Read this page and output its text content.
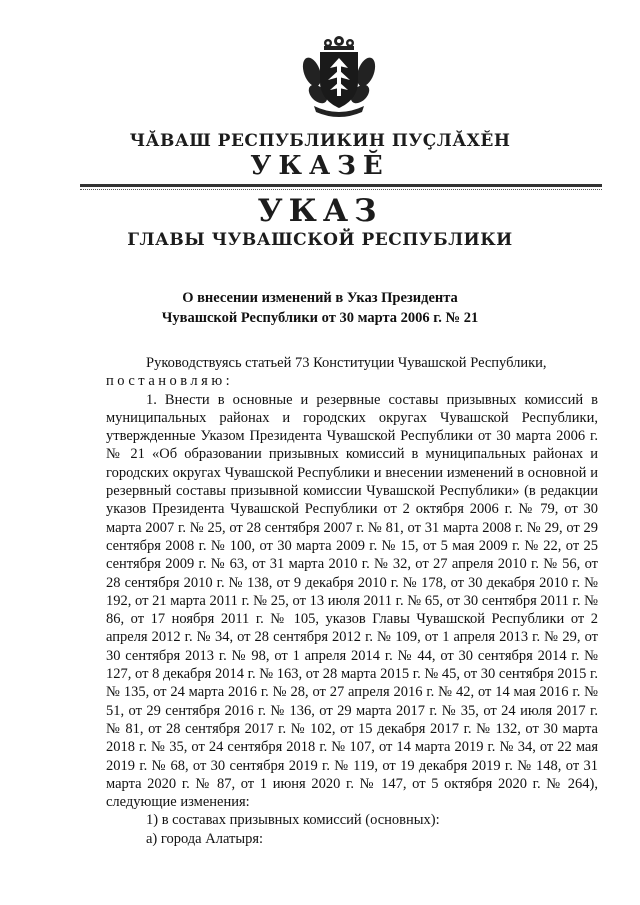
ЧӐВАШ РЕСПУБЛИКИН ПУҪЛӐХӖН
УКАЗӖ
УКАЗ
ГЛАВЫ ЧУВАШСКОЙ РЕСПУБЛИКИ
О внесении изменений в Указ Президента
Чувашской Республики от 30 марта 2006 г. № 21

Руководствуясь статьей 73 Конституции Чувашской Республики,

постановляю:

1. Внести в основные и резервные составы призывных комиссий в муниципальных районах и городских округах Чувашской Республики, утвержденные Указом Президента Чувашской Республики от 30 марта 2006 г. № 21 «Об образовании призывных комиссий в муниципальных районах и городских округах Чувашской Республики и внесении изменений в основной и резервный составы призывной комиссии Чувашской Республики» (в редакции указов Президента Чувашской Республики от 2 октября 2006 г. № 79, от 30 марта 2007 г. № 25, от 28 сентября 2007 г. № 81, от 31 марта 2008 г. № 29, от 29 сентября 2008 г. № 100, от 30 марта 2009 г. № 15, от 5 мая 2009 г. № 22, от 25 сентября 2009 г. № 63, от 31 марта 2010 г. № 32, от 27 апреля 2010 г. № 56, от 28 сентября 2010 г. № 138, от 9 декабря 2010 г. № 178, от 30 декабря 2010 г. № 192, от 21 марта 2011 г. № 25, от 13 июля 2011 г. № 65, от 30 сентября 2011 г. № 86, от 17 ноября 2011 г. № 105, указов Главы Чувашской Республики от 2 апреля 2012 г. № 34, от 28 сентября 2012 г. № 109, от 1 апреля 2013 г. № 29, от 30 сентября 2013 г. № 98, от 1 апреля 2014 г. № 44, от 30 сентября 2014 г. № 127, от 8 декабря 2014 г. № 163, от 28 марта 2015 г. № 45, от 30 сентября 2015 г. № 135, от 24 марта 2016 г. № 28, от 27 апреля 2016 г. № 42, от 14 мая 2016 г. № 51, от 29 сентября 2016 г. № 136, от 29 марта 2017 г. № 35, от 24 июля 2017 г. № 81, от 28 сентября 2017 г. № 102, от 15 декабря 2017 г. № 132, от 30 марта 2018 г. № 35, от 24 сентября 2018 г. № 107, от 14 марта 2019 г. № 34, от 22 мая 2019 г. № 68, от 30 сентября 2019 г. № 119, от 19 декабря 2019 г. № 148, от 31 марта 2020 г. № 87, от 1 июня 2020 г. № 147, от 5 октября 2020 г. № 264), следующие изменения:

1) в составах призывных комиссий (основных):

а) города Алатыря:
